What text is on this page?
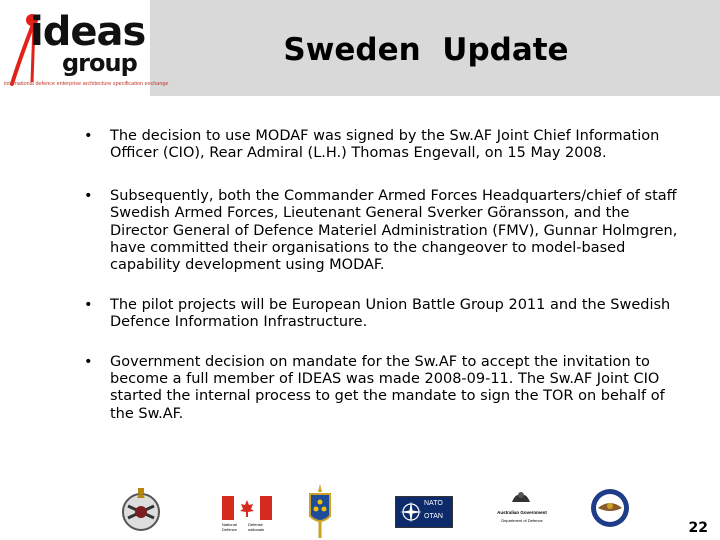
ideas
group
international defence enterprise architecture specification exchange
Sweden  Update
•	The decision to use MODAF was signed by the Sw.AF Joint Chief Information Officer (CIO), Rear Admiral (L.H.) Thomas Engevall, on 15 May 2008.
•	Subsequently, both the Commander Armed Forces Headquarters/chief of staff Swedish Armed Forces, Lieutenant General Sverker Göransson, and the Director General of Defence Materiel Administration (FMV), Gunnar Holmgren, have committed their organisations to the changeover to model-based capability development using MODAF.
•	The pilot projects will be European Union Battle Group 2011 and the Swedish Defence Information Infrastructure.
•	Government decision on mandate for the Sw.AF to accept the invitation to become a full member of IDEAS was made 2008-09-11. The Sw.AF Joint CIO started the internal process to get the mandate to sign the TOR on behalf of the Sw.AF.
National Defence
Défense nationale
NATO
OTAN
Australian Government
Department of Defence	22
